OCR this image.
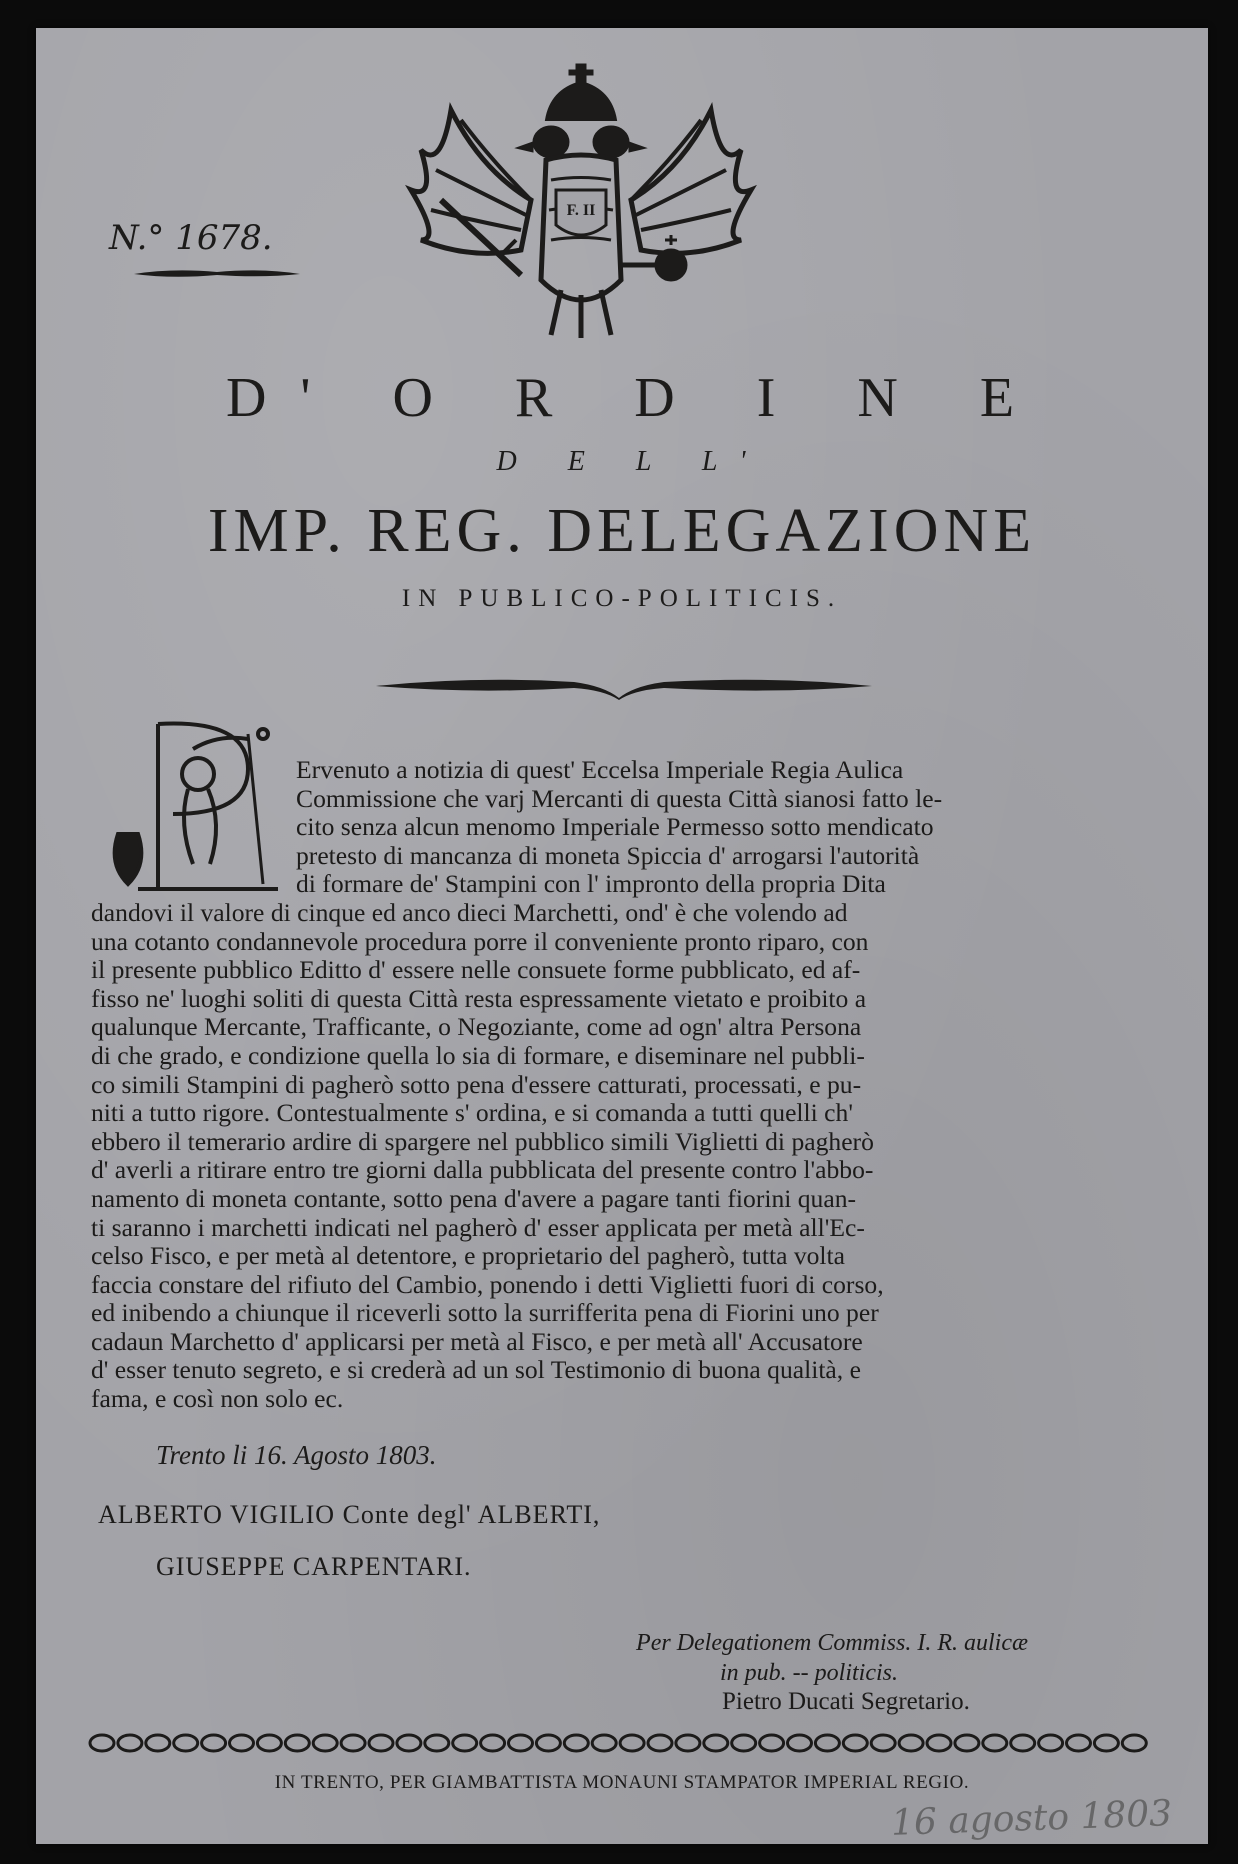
N.° 1678.
F. II
D' O R D I N E
D E L L'
IMP. REG. DELEGAZIONE
IN PUBLICO-POLITICIS.
Ervenuto a notizia di quest' Eccelsa Imperiale Regia Aulica
Commissione che varj Mercanti di questa Città sianosi fatto le-
cito senza alcun menomo Imperiale Permesso sotto mendicato
pretesto di mancanza di moneta Spiccia d' arrogarsi l'autorità
di formare de' Stampini con l' impronto della propria Dita
dandovi il valore di cinque ed anco dieci Marchetti, ond' è che volendo ad
una cotanto condannevole procedura porre il conveniente pronto riparo, con
il presente pubblico Editto d' essere nelle consuete forme pubblicato, ed af-
fisso ne' luoghi soliti di questa Città resta espressamente vietato e proibito a
qualunque Mercante, Trafficante, o Negoziante, come ad ogn' altra Persona
di che grado, e condizione quella lo sia di formare, e diseminare nel pubbli-
co simili Stampini di pagherò sotto pena d'essere catturati, processati, e pu-
niti a tutto rigore. Contestualmente s' ordina, e si comanda a tutti quelli ch'
ebbero il temerario ardire di spargere nel pubblico simili Viglietti di pagherò
d' averli a ritirare entro tre giorni dalla pubblicata del presente contro l'abbo-
namento di moneta contante, sotto pena d'avere a pagare tanti fiorini quan-
ti saranno i marchetti indicati nel pagherò d' esser applicata per metà all'Ec-
celso Fisco, e per metà al detentore, e proprietario del pagherò, tutta volta
faccia constare del rifiuto del Cambio, ponendo i detti Viglietti fuori di corso,
ed inibendo a chiunque il riceverli sotto la surrifferita pena di Fiorini uno per
cadaun Marchetto d' applicarsi per metà al Fisco, e per metà all' Accusatore
d' esser tenuto segreto, e si crederà ad un sol Testimonio di buona qualità, e
fama, e così non solo ec.
Trento li 16. Agosto 1803.
ALBERTO VIGILIO Conte degl' ALBERTI,
GIUSEPPE CARPENTARI.
Per Delegationem Commiss. I. R. aulicæ
in pub. -- politicis.
Pietro Ducati Segretario.
IN TRENTO, PER GIAMBATTISTA MONAUNI STAMPATOR IMPERIAL REGIO.
16 agosto 1803
